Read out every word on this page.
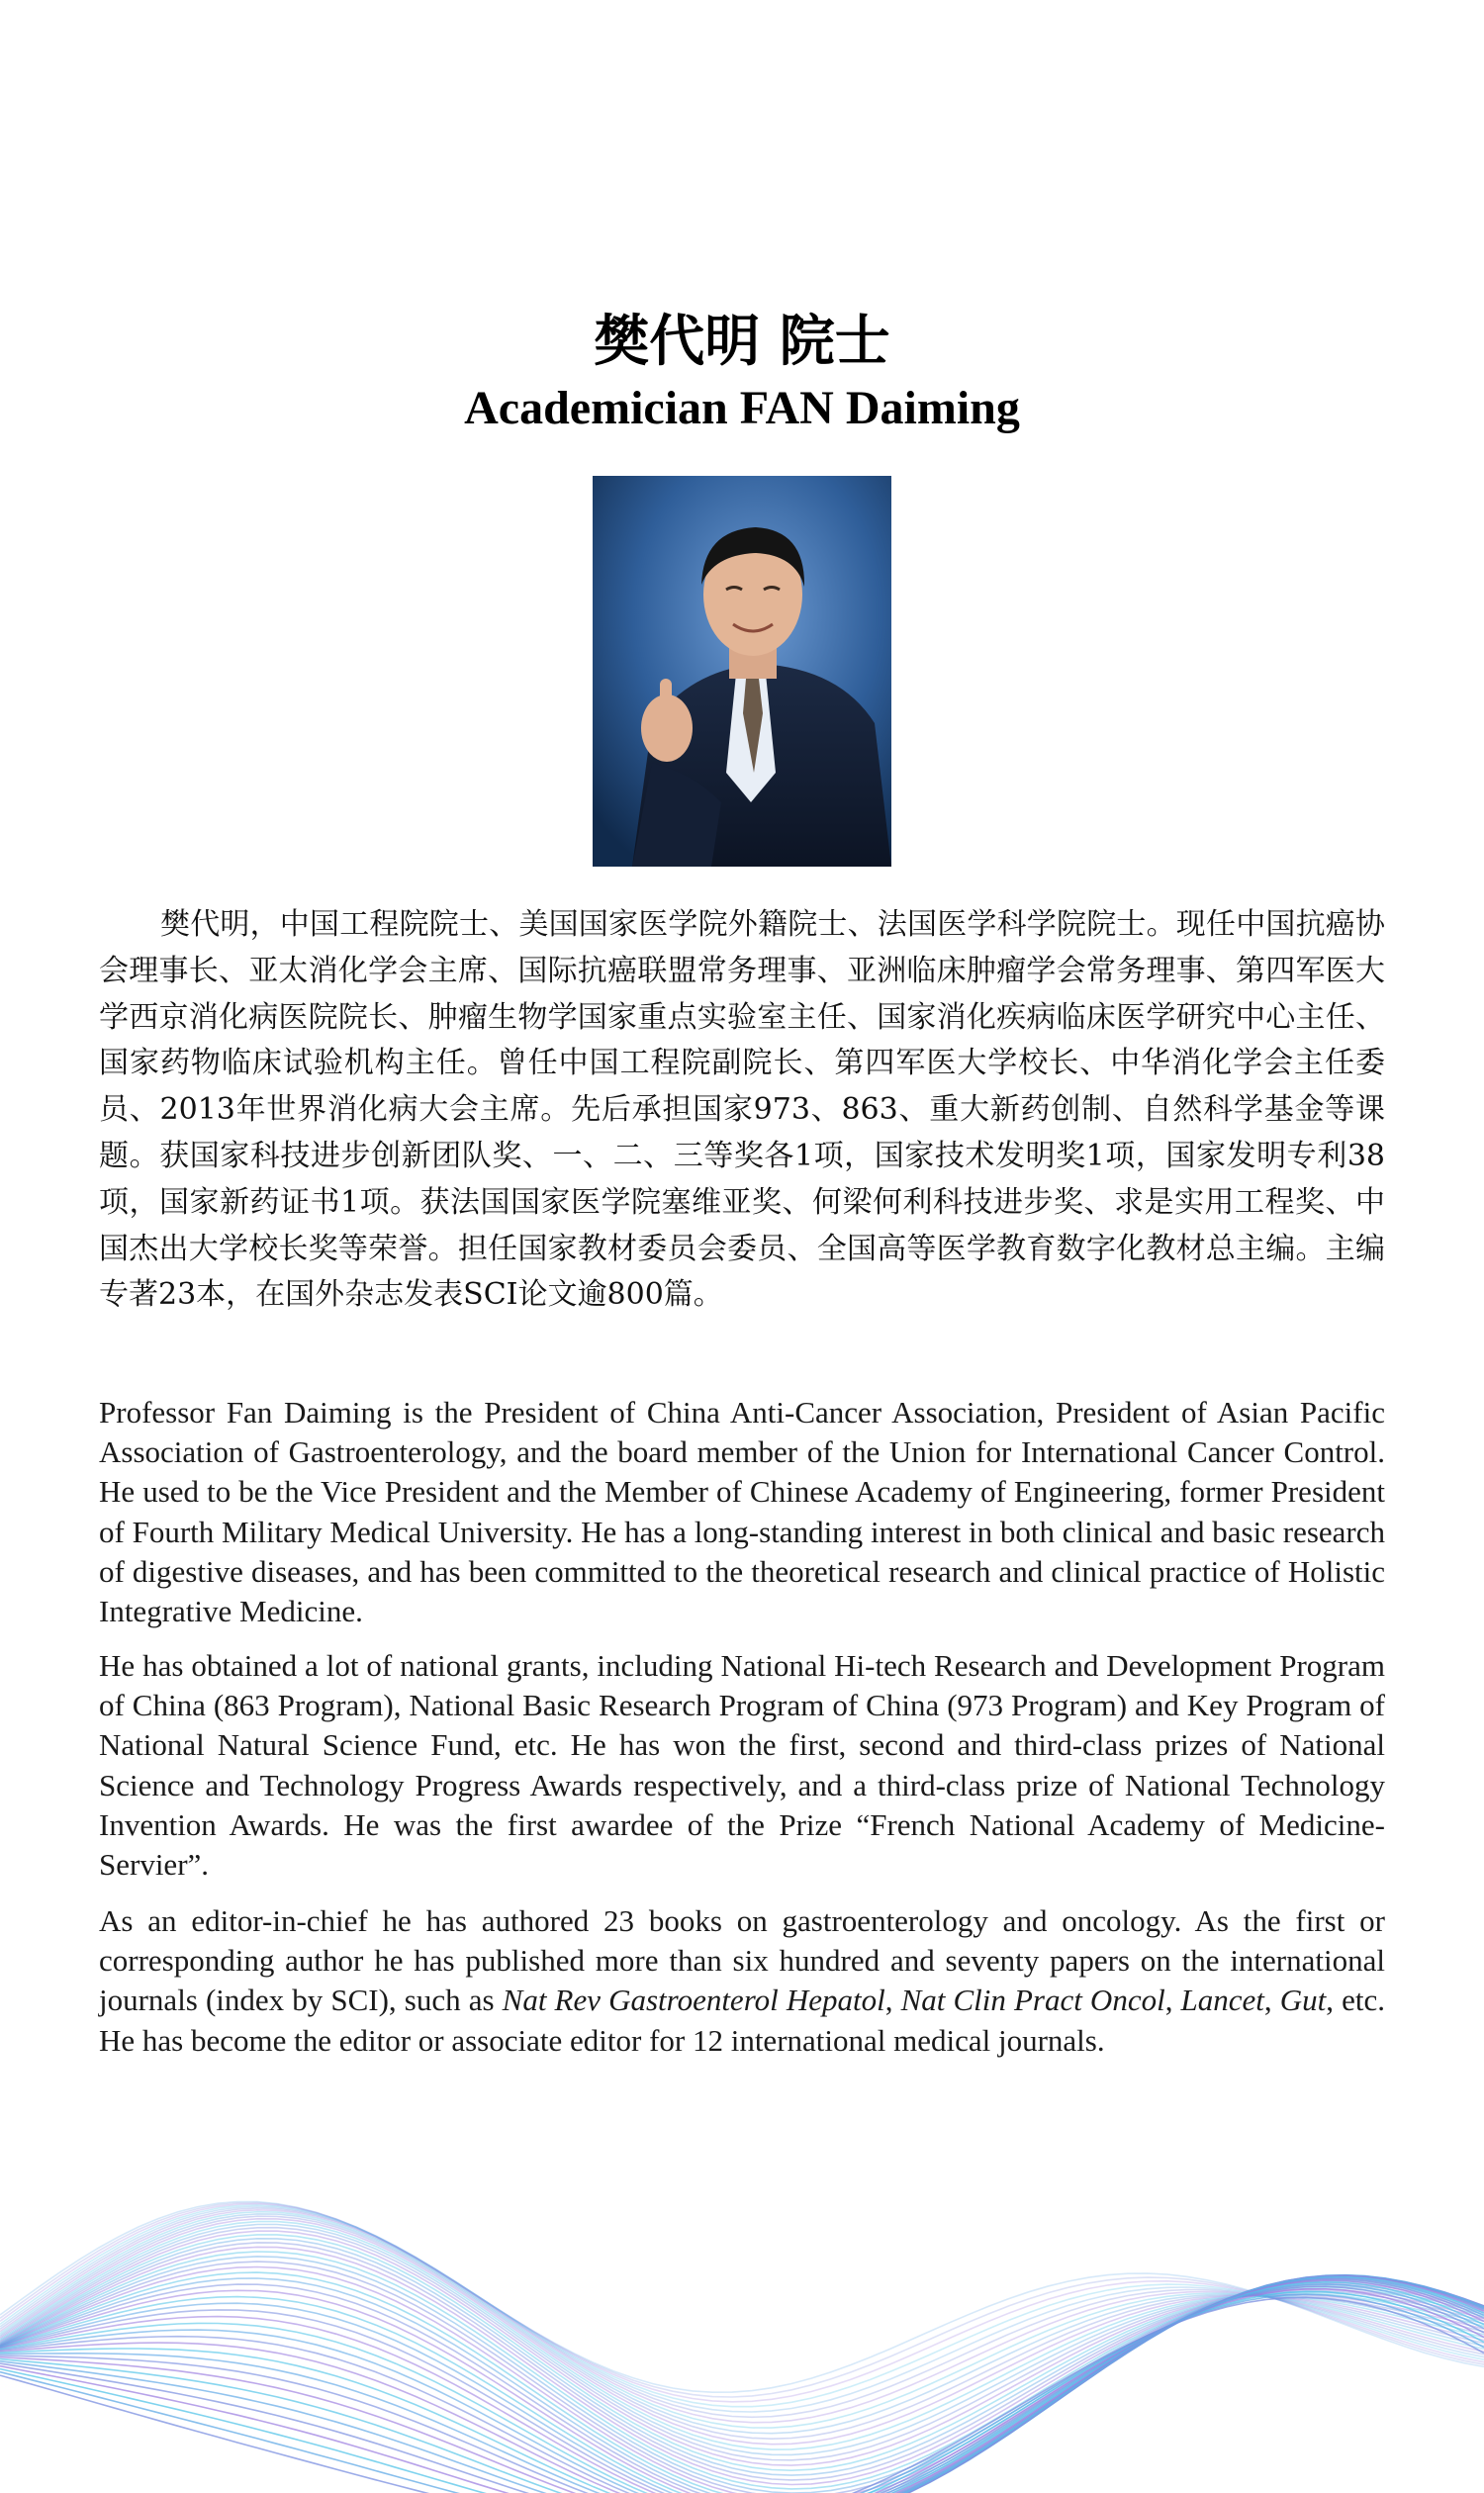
樊代明 院士
Academician FAN Daiming

樊代明，中国工程院院士、美国国家医学院外籍院士、法国医学科学院院士。现任中国抗癌协会理事长、亚太消化学会主席、国际抗癌联盟常务理事、亚洲临床肿瘤学会常务理事、第四军医大学西京消化病医院院长、肿瘤生物学国家重点实验室主任、国家消化疾病临床医学研究中心主任、国家药物临床试验机构主任。曾任中国工程院副院长、第四军医大学校长、中华消化学会主任委员、2013年世界消化病大会主席。先后承担国家973、863、重大新药创制、自然科学基金等课题。获国家科技进步创新团队奖、一、二、三等奖各1项，国家技术发明奖1项，国家发明专利38项，国家新药证书1项。获法国国家医学院塞维亚奖、何梁何利科技进步奖、求是实用工程奖、中国杰出大学校长奖等荣誉。担任国家教材委员会委员、全国高等医学教育数字化教材总主编。主编专著23本，在国外杂志发表SCI论文逾800篇。

Professor Fan Daiming is the President of China Anti-Cancer Association, President of Asian Pacific Association of Gastroenterology, and the board member of the Union for International Cancer Control. He used to be the Vice President and the Member of Chinese Academy of Engineering, former President of Fourth Military Medical University. He has a long-standing interest in both clinical and basic research of digestive diseases, and has been committed to the theoretical research and clinical practice of Holistic Integrative Medicine.

He has obtained a lot of national grants, including National Hi-tech Research and Development Program of China (863 Program), National Basic Research Program of China (973 Program) and Key Program of National Natural Science Fund, etc. He has won the first, second and third-class prizes of National Science and Technology Progress Awards respectively, and a third-class prize of National Technology Invention Awards. He was the first awardee of the Prize “French National Academy of Medicine-Servier”.

As an editor-in-chief he has authored 23 books on gastroenterology and oncology. As the first or corresponding author he has published more than six hundred and seventy papers on the international journals (index by SCI), such as Nat Rev Gastroenterol Hepatol, Nat Clin Pract Oncol, Lancet, Gut, etc. He has become the editor or associate editor for 12 international medical journals.
